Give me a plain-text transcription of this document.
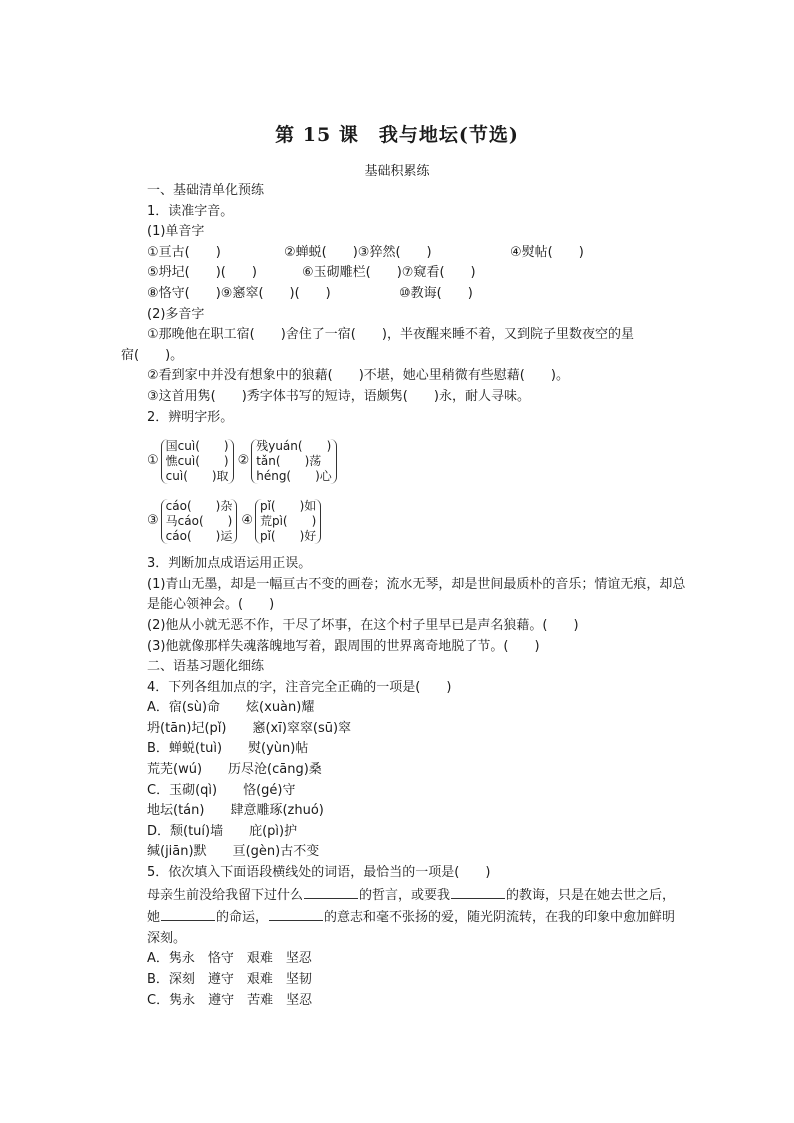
第 15 课　我与地坛(节选)
基础积累练
一、基础清单化预练
1．读准字音。
(1)单音字
①亘古(　　)	②蝉蜕(　　)③猝然(　　)	④熨帖(　　)
⑤坍圮(　　)(　　)	⑥玉砌雕栏(　　)⑦窥看(　　)
⑧恪守(　　)⑨窸窣(　　)(　　)	⑩教诲(　　)
(2)多音字
①那晚他在职工宿(　　)舍住了一宿(　　)，半夜醒来睡不着，又到院子里数夜空的星
宿(　　)。
②看到家中并没有想象中的狼藉(　　)不堪，她心里稍微有些慰藉(　　)。
③这首用隽(　　)秀字体书写的短诗，语颇隽(　　)永，耐人寻味。
2．辨明字形。
①
国cuì(　　)
憔cuì(　　)
cuì(　　)取
②
残yuán(　　)
tǎn(　　)荡
héng(　　)心
③
cáo(　　)杂
马cáo(　　)
cáo(　　)运
④
pǐ(　　)如
荒pì(　　)
pǐ(　　)好
3．判断加点成语运用正误。
(1)青山无墨，却是一幅亘古不变的画卷；流水无琴，却是世间最质朴的音乐；情谊无痕，却总是能心领神会。(　　)
(2)他从小就无恶不作，干尽了坏事，在这个村子里早已是声名狼藉。(　　)
(3)他就像那样失魂落魄地写着，跟周围的世界离奇地脱了节。(　　)
二、语基习题化细练
4．下列各组加点的字，注音完全正确的一项是(　　)
A．宿(sù)命　　炫(xuàn)耀
坍(tān)圮(pǐ)　　窸(xī)窣窣(sū)窣
B．蝉蜕(tuì)　　熨(yùn)帖
荒芜(wú)　　历尽沧(cāng)桑
C．玉砌(qì)　　恪(gé)守
地坛(tán)　　肆意雕琢(zhuó)
D．颓(tuí)墙　　庇(pì)护
缄(jiān)默　　亘(gèn)古不变
5．依次填入下面语段横线处的词语，最恰当的一项是(　　)
母亲生前没给我留下过什么	的哲言，或要我	的教诲，只是在她去世之后，她	的命运，	的意志和毫不张扬的爱，随光阴流转，在我的印象中愈加鲜明深刻。
A．隽永　恪守　艰难　坚忍
B．深刻　遵守　艰难　坚韧
C．隽永　遵守　苦难　坚忍
